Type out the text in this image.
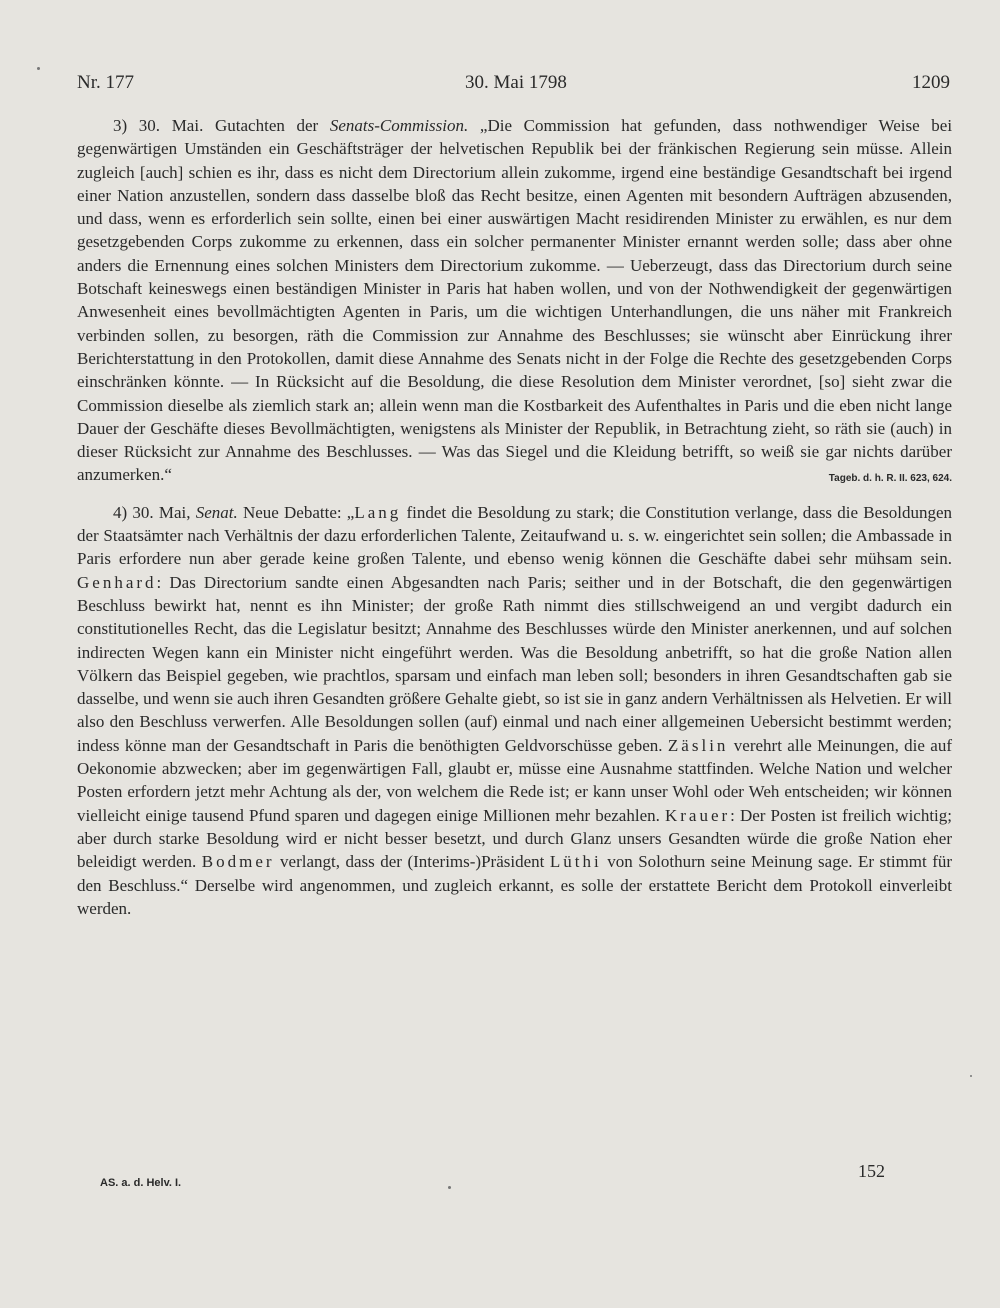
Nr. 177	30. Mai 1798	1209

3) 30. Mai. Gutachten der Senats-Commission. „Die Commission hat gefunden, dass nothwendiger Weise bei gegenwärtigen Umständen ein Geschäftsträger der helvetischen Republik bei der fränkischen Regierung sein müsse. Allein zugleich [auch] schien es ihr, dass es nicht dem Directorium allein zukomme, irgend eine beständige Gesandtschaft bei irgend einer Nation anzustellen, sondern dass dasselbe bloß das Recht besitze, einen Agenten mit besondern Aufträgen abzusenden, und dass, wenn es erforderlich sein sollte, einen bei einer auswärtigen Macht residirenden Minister zu erwählen, es nur dem gesetzgebenden Corps zukomme zu erkennen, dass ein solcher permanenter Minister ernannt werden solle; dass aber ohne anders die Ernennung eines solchen Ministers dem Directorium zukomme. — Ueberzeugt, dass das Directorium durch seine Botschaft keineswegs einen beständigen Minister in Paris hat haben wollen, und von der Nothwendigkeit der gegenwärtigen Anwesenheit eines bevollmächtigten Agenten in Paris, um die wichtigen Unterhandlungen, die uns näher mit Frankreich verbinden sollen, zu besorgen, räth die Commission zur Annahme des Beschlusses; sie wünscht aber Einrückung ihrer Berichterstattung in den Protokollen, damit diese Annahme des Senats nicht in der Folge die Rechte des gesetzgebenden Corps einschränken könnte. — In Rücksicht auf die Besoldung, die diese Resolution dem Minister verordnet, [so] sieht zwar die Commission dieselbe als ziemlich stark an; allein wenn man die Kostbarkeit des Aufenthaltes in Paris und die eben nicht lange Dauer der Geschäfte dieses Bevollmächtigten, wenigstens als Minister der Republik, in Betrachtung zieht, so räth sie (auch) in dieser Rücksicht zur Annahme des Beschlusses. — Was das Siegel und die Kleidung betrifft, so weiß sie gar nichts darüber anzumerken.“	Tageb. d. h. R. II. 623, 624.

4) 30. Mai, Senat. Neue Debatte: „Lang findet die Besoldung zu stark; die Constitution verlange, dass die Besoldungen der Staatsämter nach Verhältnis der dazu erforderlichen Talente, Zeitaufwand u. s. w. eingerichtet sein sollen; die Ambassade in Paris erfordere nun aber gerade keine großen Talente, und ebenso wenig können die Geschäfte dabei sehr mühsam sein. Genhard: Das Directorium sandte einen Abgesandten nach Paris; seither und in der Botschaft, die den gegenwärtigen Beschluss bewirkt hat, nennt es ihn Minister; der große Rath nimmt dies stillschweigend an und vergibt dadurch ein constitutionelles Recht, das die Legislatur besitzt; Annahme des Beschlusses würde den Minister anerkennen, und auf solchen indirecten Wegen kann ein Minister nicht eingeführt werden. Was die Besoldung anbetrifft, so hat die große Nation allen Völkern das Beispiel gegeben, wie prachtlos, sparsam und einfach man leben soll; besonders in ihren Gesandtschaften gab sie dasselbe, und wenn sie auch ihren Gesandten größere Gehalte giebt, so ist sie in ganz andern Verhältnissen als Helvetien. Er will also den Beschluss verwerfen. Alle Besoldungen sollen (auf) einmal und nach einer allgemeinen Uebersicht bestimmt werden; indess könne man der Gesandtschaft in Paris die benöthigten Geldvorschüsse geben. Zäslin verehrt alle Meinungen, die auf Oekonomie abzwecken; aber im gegenwärtigen Fall, glaubt er, müsse eine Ausnahme stattfinden. Welche Nation und welcher Posten erfordern jetzt mehr Achtung als der, von welchem die Rede ist; er kann unser Wohl oder Weh entscheiden; wir können vielleicht einige tausend Pfund sparen und dagegen einige Millionen mehr bezahlen. Krauer: Der Posten ist freilich wichtig; aber durch starke Besoldung wird er nicht besser besetzt, und durch Glanz unsers Gesandten würde die große Nation eher beleidigt werden. Bodmer verlangt, dass der (Interims-)Präsident Lüthi von Solothurn seine Meinung sage. Er stimmt für den Beschluss.“ Derselbe wird angenommen, und zugleich erkannt, es solle der erstattete Bericht dem Protokoll einverleibt werden.

AS. a. d. Helv. I.
152
